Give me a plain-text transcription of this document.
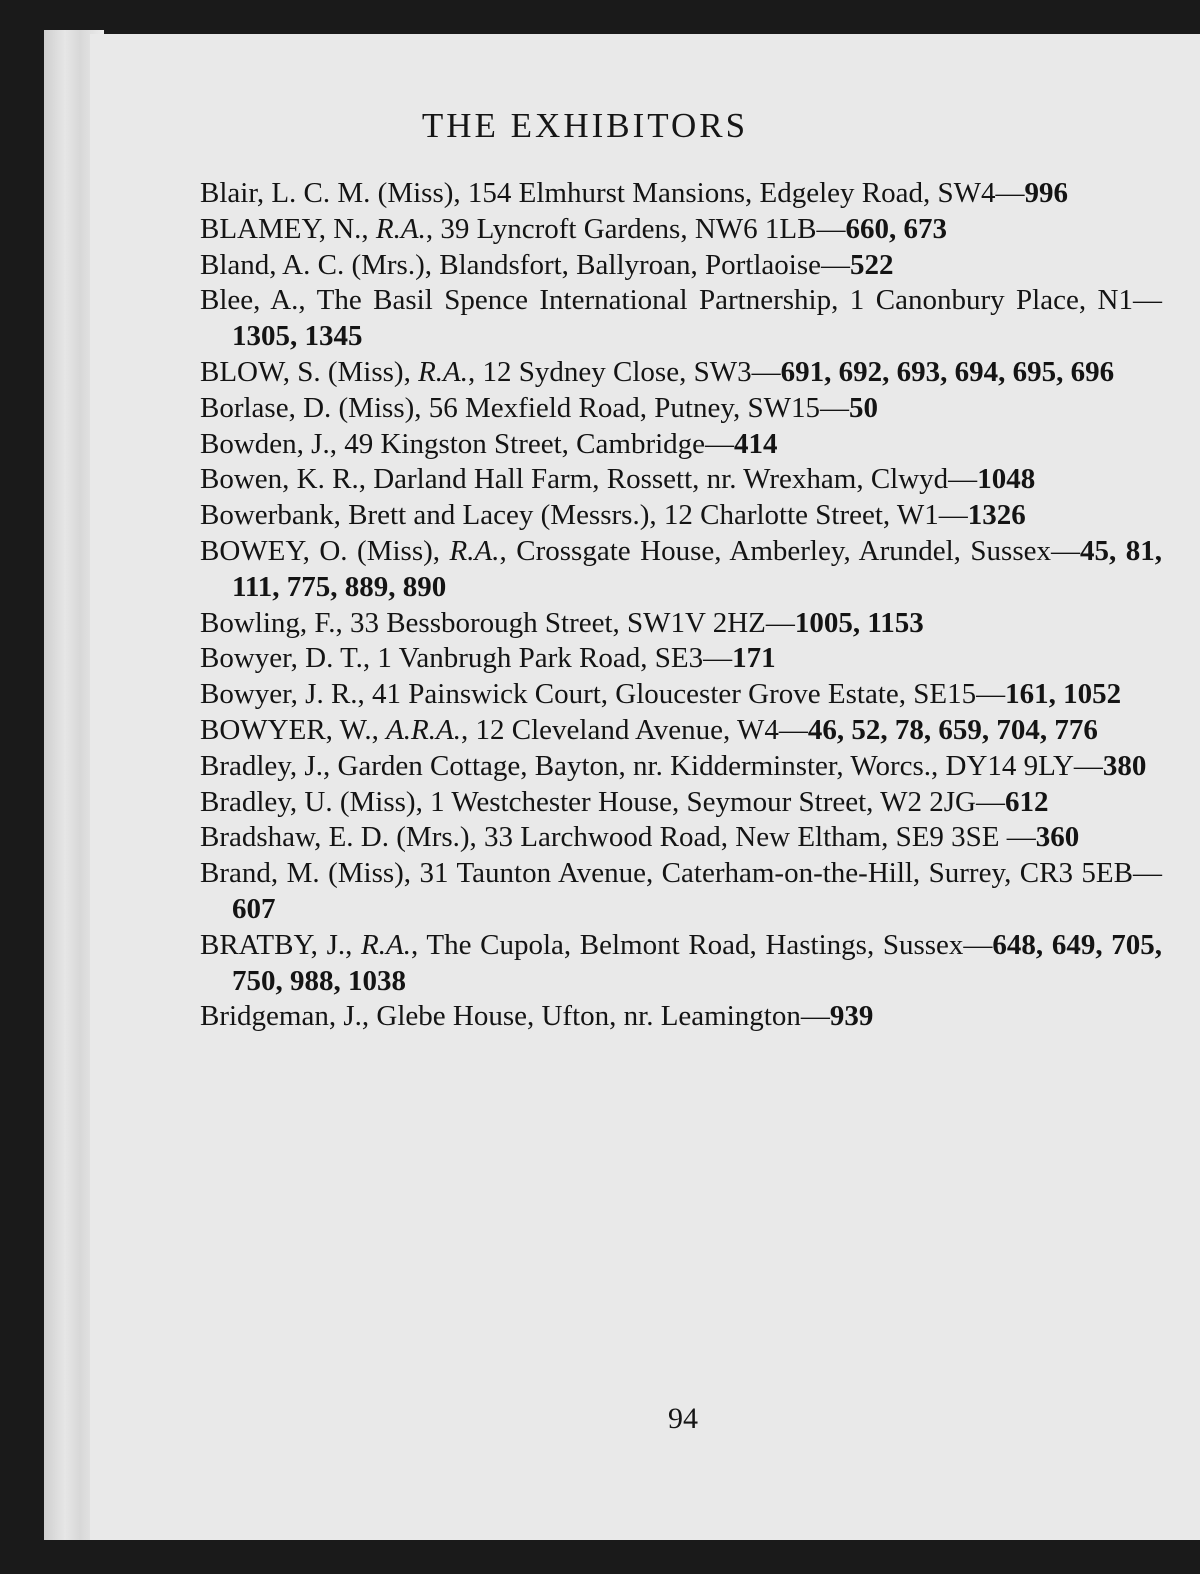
THE EXHIBITORS
Blair, L. C. M. (Miss), 154 Elmhurst Mansions, Edgeley Road, SW4—996
BLAMEY, N., R.A., 39 Lyncroft Gardens, NW6 1LB—660, 673
Bland, A. C. (Mrs.), Blandsfort, Ballyroan, Portlaoise—522
Blee, A., The Basil Spence International Partnership, 1 Canonbury Place, N1—1305, 1345
BLOW, S. (Miss), R.A., 12 Sydney Close, SW3—691, 692, 693, 694, 695, 696
Borlase, D. (Miss), 56 Mexfield Road, Putney, SW15—50
Bowden, J., 49 Kingston Street, Cambridge—414
Bowen, K. R., Darland Hall Farm, Rossett, nr. Wrexham, Clwyd—1048
Bowerbank, Brett and Lacey (Messrs.), 12 Charlotte Street, W1—1326
BOWEY, O. (Miss), R.A., Crossgate House, Amberley, Arundel, Sussex—45, 81, 111, 775, 889, 890
Bowling, F., 33 Bessborough Street, SW1V 2HZ—1005, 1153
Bowyer, D. T., 1 Vanbrugh Park Road, SE3—171
Bowyer, J. R., 41 Painswick Court, Gloucester Grove Estate, SE15—161, 1052
BOWYER, W., A.R.A., 12 Cleveland Avenue, W4—46, 52, 78, 659, 704, 776
Bradley, J., Garden Cottage, Bayton, nr. Kidderminster, Worcs., DY14 9LY—380
Bradley, U. (Miss), 1 Westchester House, Seymour Street, W2 2JG—612
Bradshaw, E. D. (Mrs.), 33 Larchwood Road, New Eltham, SE9 3SE —360
Brand, M. (Miss), 31 Taunton Avenue, Caterham-on-the-Hill, Surrey, CR3 5EB—607
BRATBY, J., R.A., The Cupola, Belmont Road, Hastings, Sussex—648, 649, 705, 750, 988, 1038
Bridgeman, J., Glebe House, Ufton, nr. Leamington—939
94
